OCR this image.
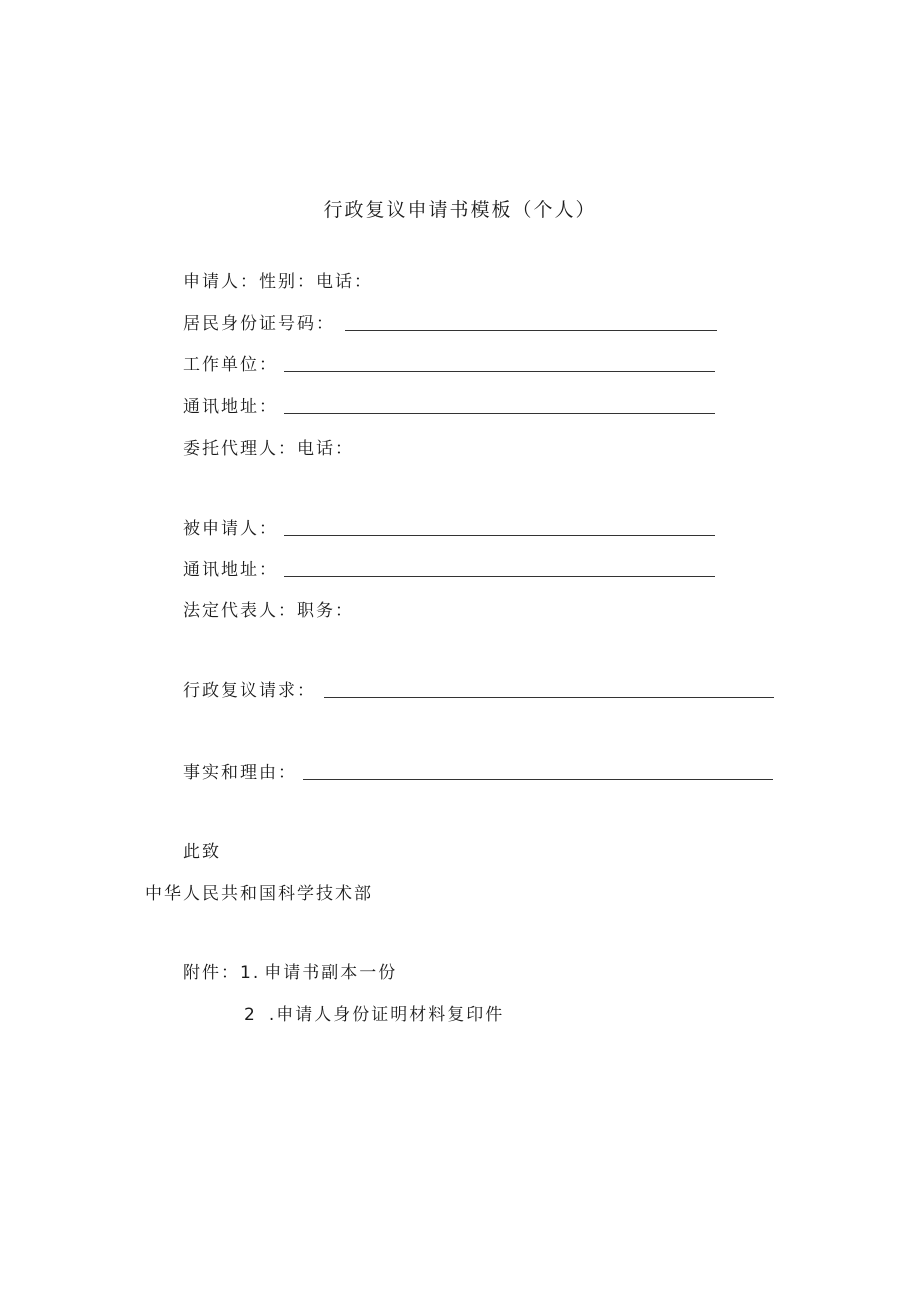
行政复议申请书模板（个人）
申请人：性别：电话：
居民身份证号码：
工作单位：
通讯地址：
委托代理人：电话：
被申请人：
通讯地址：
法定代表人：职务：
行政复议请求：
事实和理由：
此致
中华人民共和国科学技术部
附件：1. 申请书副本一份
2 .申请人身份证明材料复印件
